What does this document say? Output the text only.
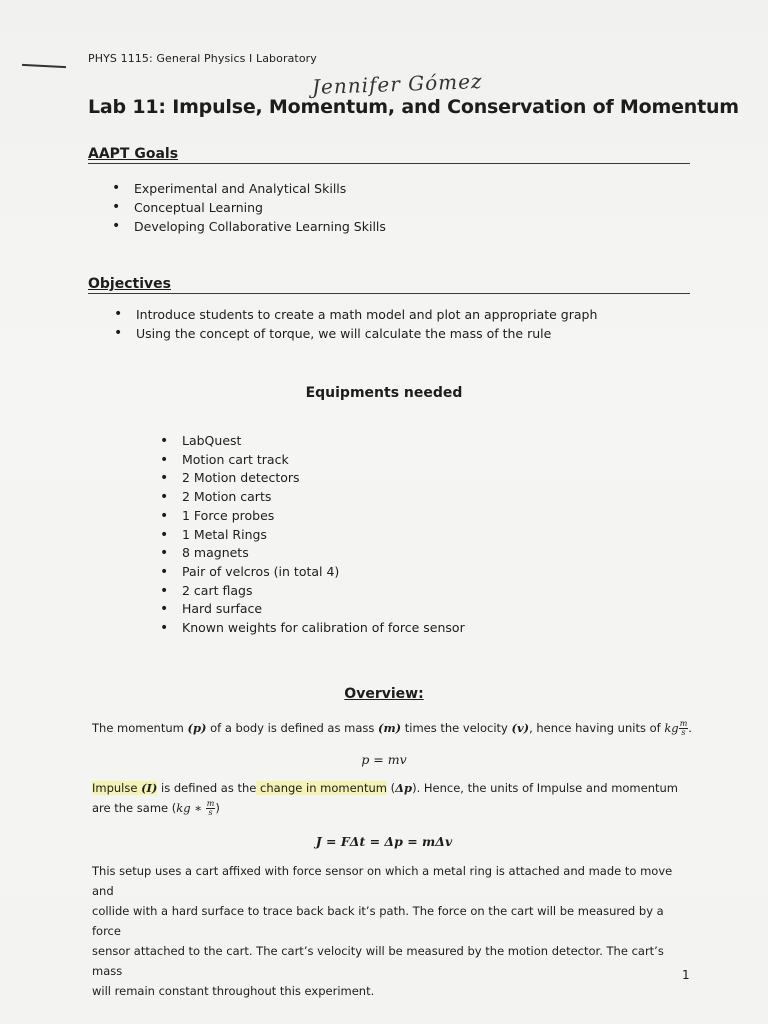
PHYS 1115: General Physics I Laboratory
Jennifer Gómez
Lab 11: Impulse, Momentum, and Conservation of Momentum
AAPT Goals
• Experimental and Analytical Skills
• Conceptual Learning
• Developing Collaborative Learning Skills
Objectives
• Introduce students to create a math model and plot an appropriate graph
• Using the concept of torque, we will calculate the mass of the rule
Equipments needed
• LabQuest
• Motion cart track
• 2 Motion detectors
• 2 Motion carts
• 1 Force probes
• 1 Metal Rings
• 8 magnets
• Pair of velcros (in total 4)
• 2 cart flags
• Hard surface
• Known weights for calibration of force sensor
Overview:
The momentum (p) of a body is defined as mass (m) times the velocity (v), hence having units of kg $\frac{m}{s}$ .
p = mv
Impulse (I) is defined as the change in momentum (Δp). Hence, the units of Impulse and momentum
are the same (kg ∗ $\frac{m}{s}$ )
J = FΔt = Δp = mΔv
This setup uses a cart affixed with force sensor on which a metal ring is attached and made to move and
collide with a hard surface to trace back back it’s path. The force on the cart will be measured by a force
sensor attached to the cart. The cart’s velocity will be measured by the motion detector. The cart’s mass
will remain constant throughout this experiment.
1
